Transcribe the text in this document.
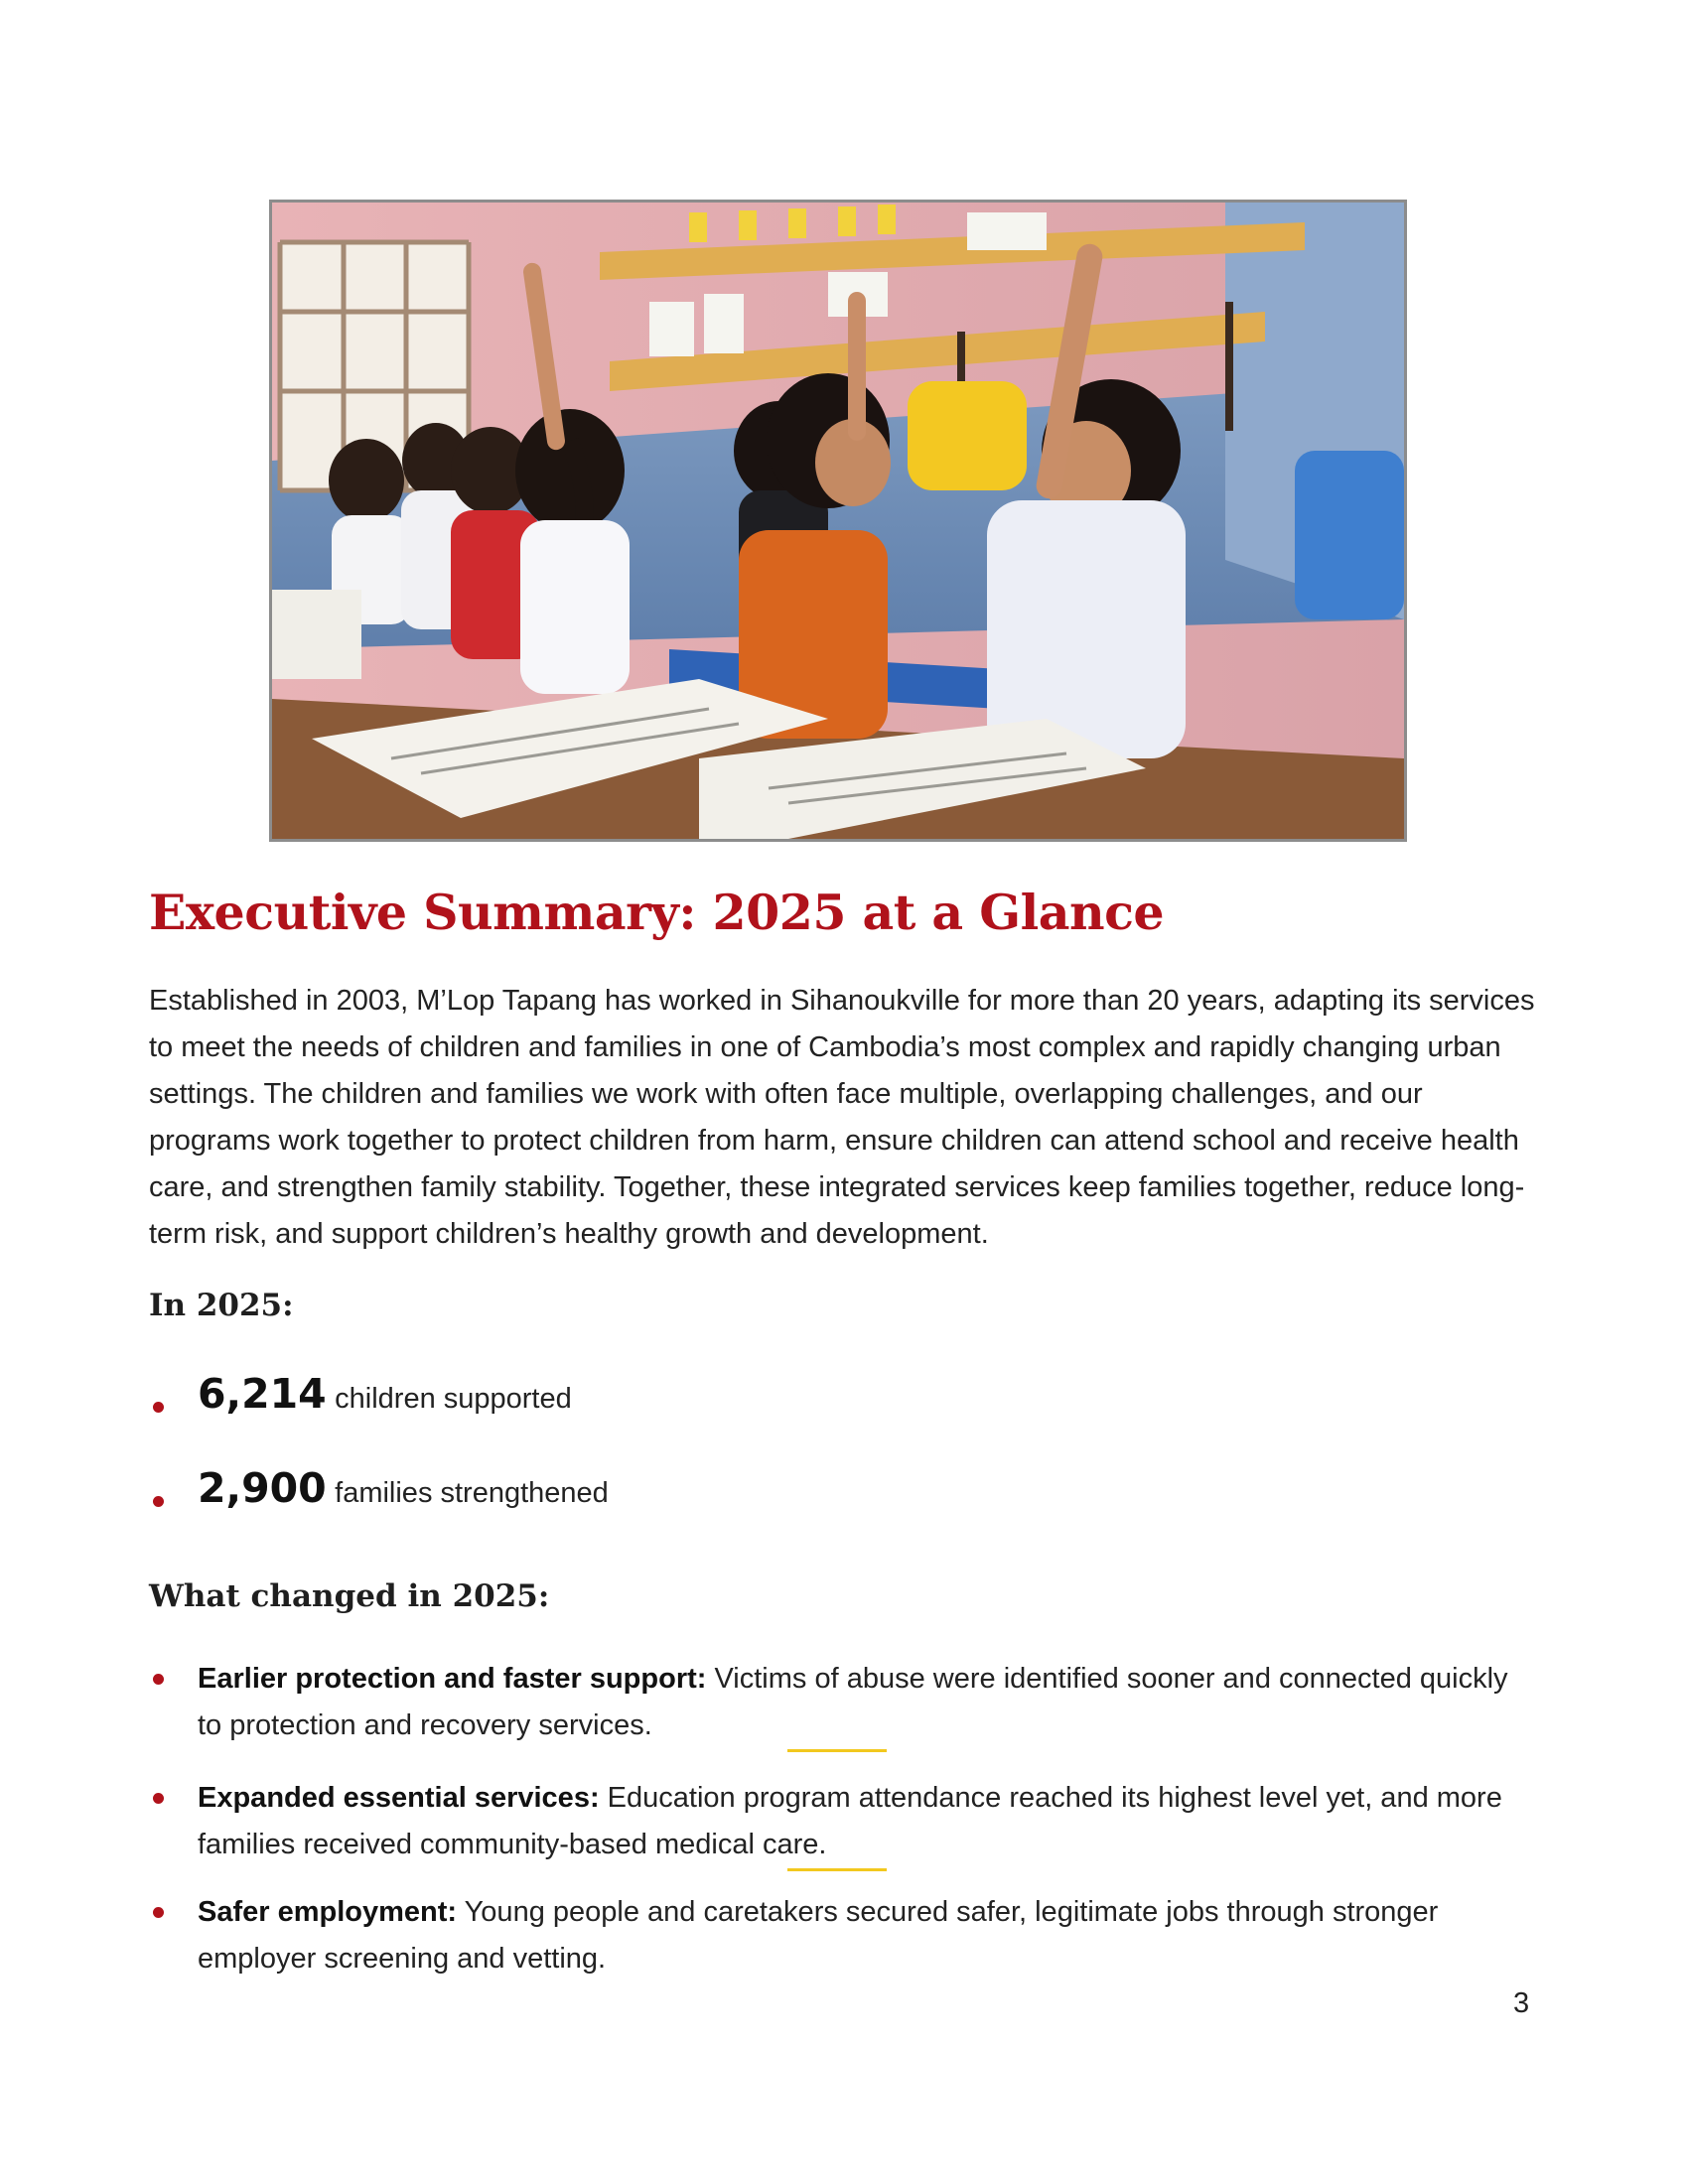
Executive Summary: 2025 at a Glance

Established in 2003, M’Lop Tapang has worked in Sihanoukville for more than 20 years, adapting its services to meet the needs of children and families in one of Cambodia’s most complex and rapidly changing urban settings. The children and families we work with often face multiple, overlapping challenges, and our programs work together to protect children from harm, ensure children can attend school and receive health care, and strengthen family stability. Together, these integrated services keep families together, reduce long-term risk, and support children’s healthy growth and development.

In 2025:
6,214 children supported
2,900 families strengthened
What changed in 2025:
Earlier protection and faster support: Victims of abuse were identified sooner and connected quickly to protection and recovery services.
Expanded essential services: Education program attendance reached its highest level yet, and more families received community-based medical care.
Safer employment: Young people and caretakers secured safer, legitimate jobs through stronger employer screening and vetting.
3
